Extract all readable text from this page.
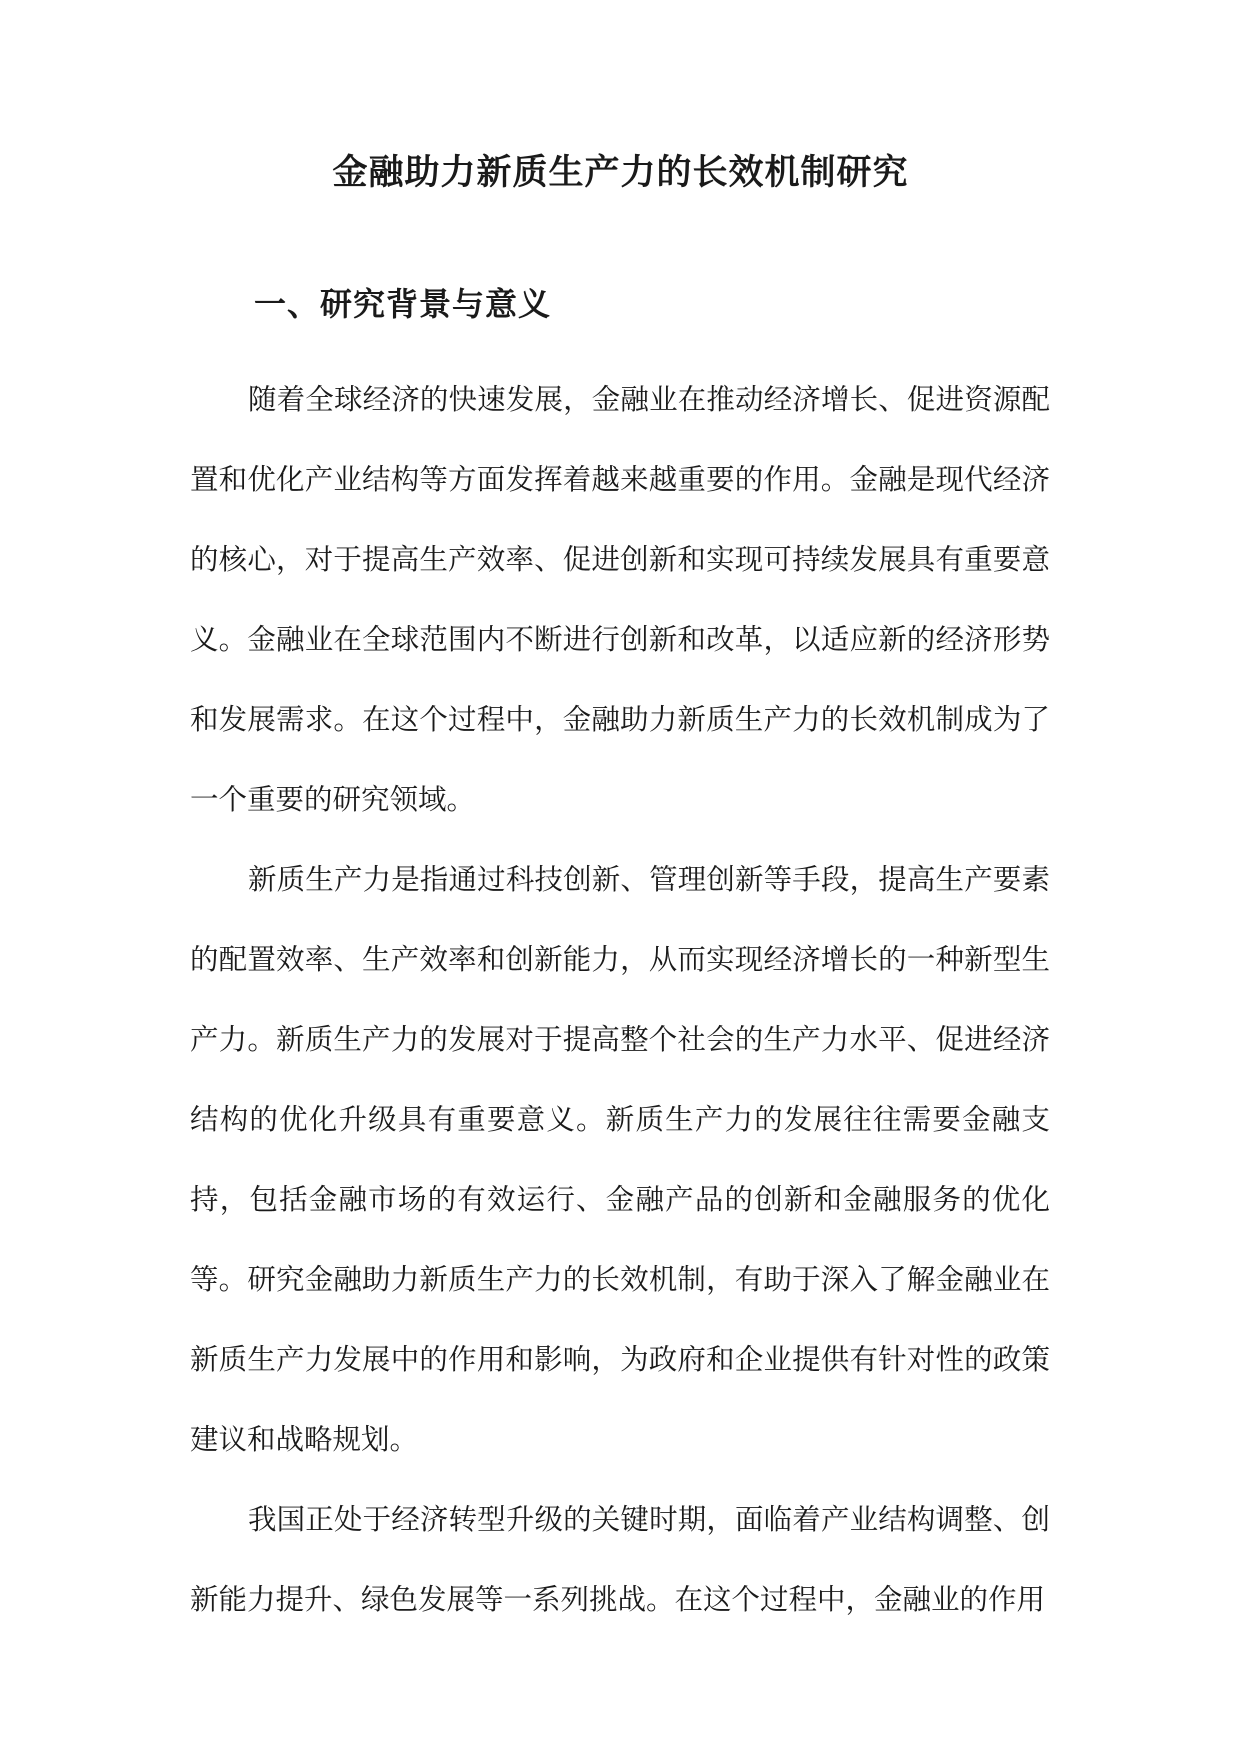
金融助力新质生产力的长效机制研究
一、研究背景与意义

随着全球经济的快速发展，金融业在推动经济增长、促进资源配置和优化产业结构等方面发挥着越来越重要的作用。金融是现代经济的核心，对于提高生产效率、促进创新和实现可持续发展具有重要意义。金融业在全球范围内不断进行创新和改革，以适应新的经济形势和发展需求。在这个过程中，金融助力新质生产力的长效机制成为了一个重要的研究领域。

新质生产力是指通过科技创新、管理创新等手段，提高生产要素的配置效率、生产效率和创新能力，从而实现经济增长的一种新型生产力。新质生产力的发展对于提高整个社会的生产力水平、促进经济结构的优化升级具有重要意义。新质生产力的发展往往需要金融支持，包括金融市场的有效运行、金融产品的创新和金融服务的优化等。研究金融助力新质生产力的长效机制，有助于深入了解金融业在新质生产力发展中的作用和影响，为政府和企业提供有针对性的政策建议和战略规划。

我国正处于经济转型升级的关键时期，面临着产业结构调整、创新能力提升、绿色发展等一系列挑战。在这个过程中，金融业的作用
